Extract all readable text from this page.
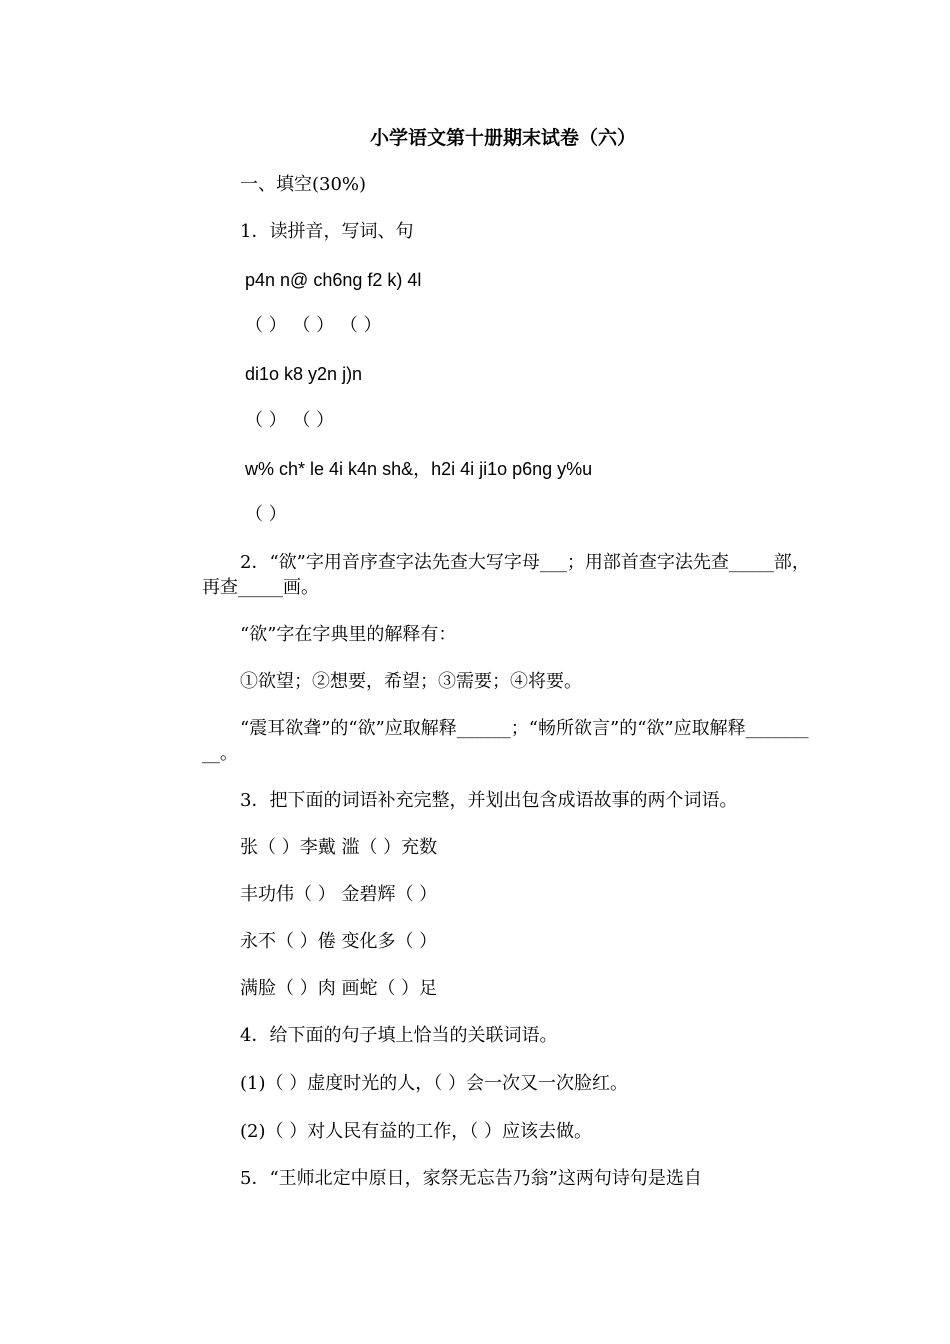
小学语文第十册期末试卷（六）
一、填空(30%)
1．读拼音，写词、句
p4n n@ ch6ng f2 k) 4l
（ ） （ ） （ ）
di1o k8 y2n j)n
（ ） （ ）
w% ch* le 4i k4n sh&，h2i 4i ji1o p6ng y%u
（ ）
2．“欲”字用音序查字法先查大写字母___；用部首查字法先查_____部，再查_____画。
“欲”字在字典里的解释有：
①欲望；②想要，希望；③需要；④将要。
“震耳欲聋”的“欲”应取解释______；“畅所欲言”的“欲”应取解释_________。
3．把下面的词语补充完整，并划出包含成语故事的两个词语。
张（ ）李戴 滥（ ）充数
丰功伟（ ） 金碧辉（ ）
永不（ ）倦 变化多（ ）
满脸（ ）肉 画蛇（ ）足
4．给下面的句子填上恰当的关联词语。
(1)（ ）虚度时光的人，（ ）会一次又一次脸红。
(2)（ ）对人民有益的工作，（ ）应该去做。
5．“王师北定中原日，家祭无忘告乃翁”这两句诗句是选自
